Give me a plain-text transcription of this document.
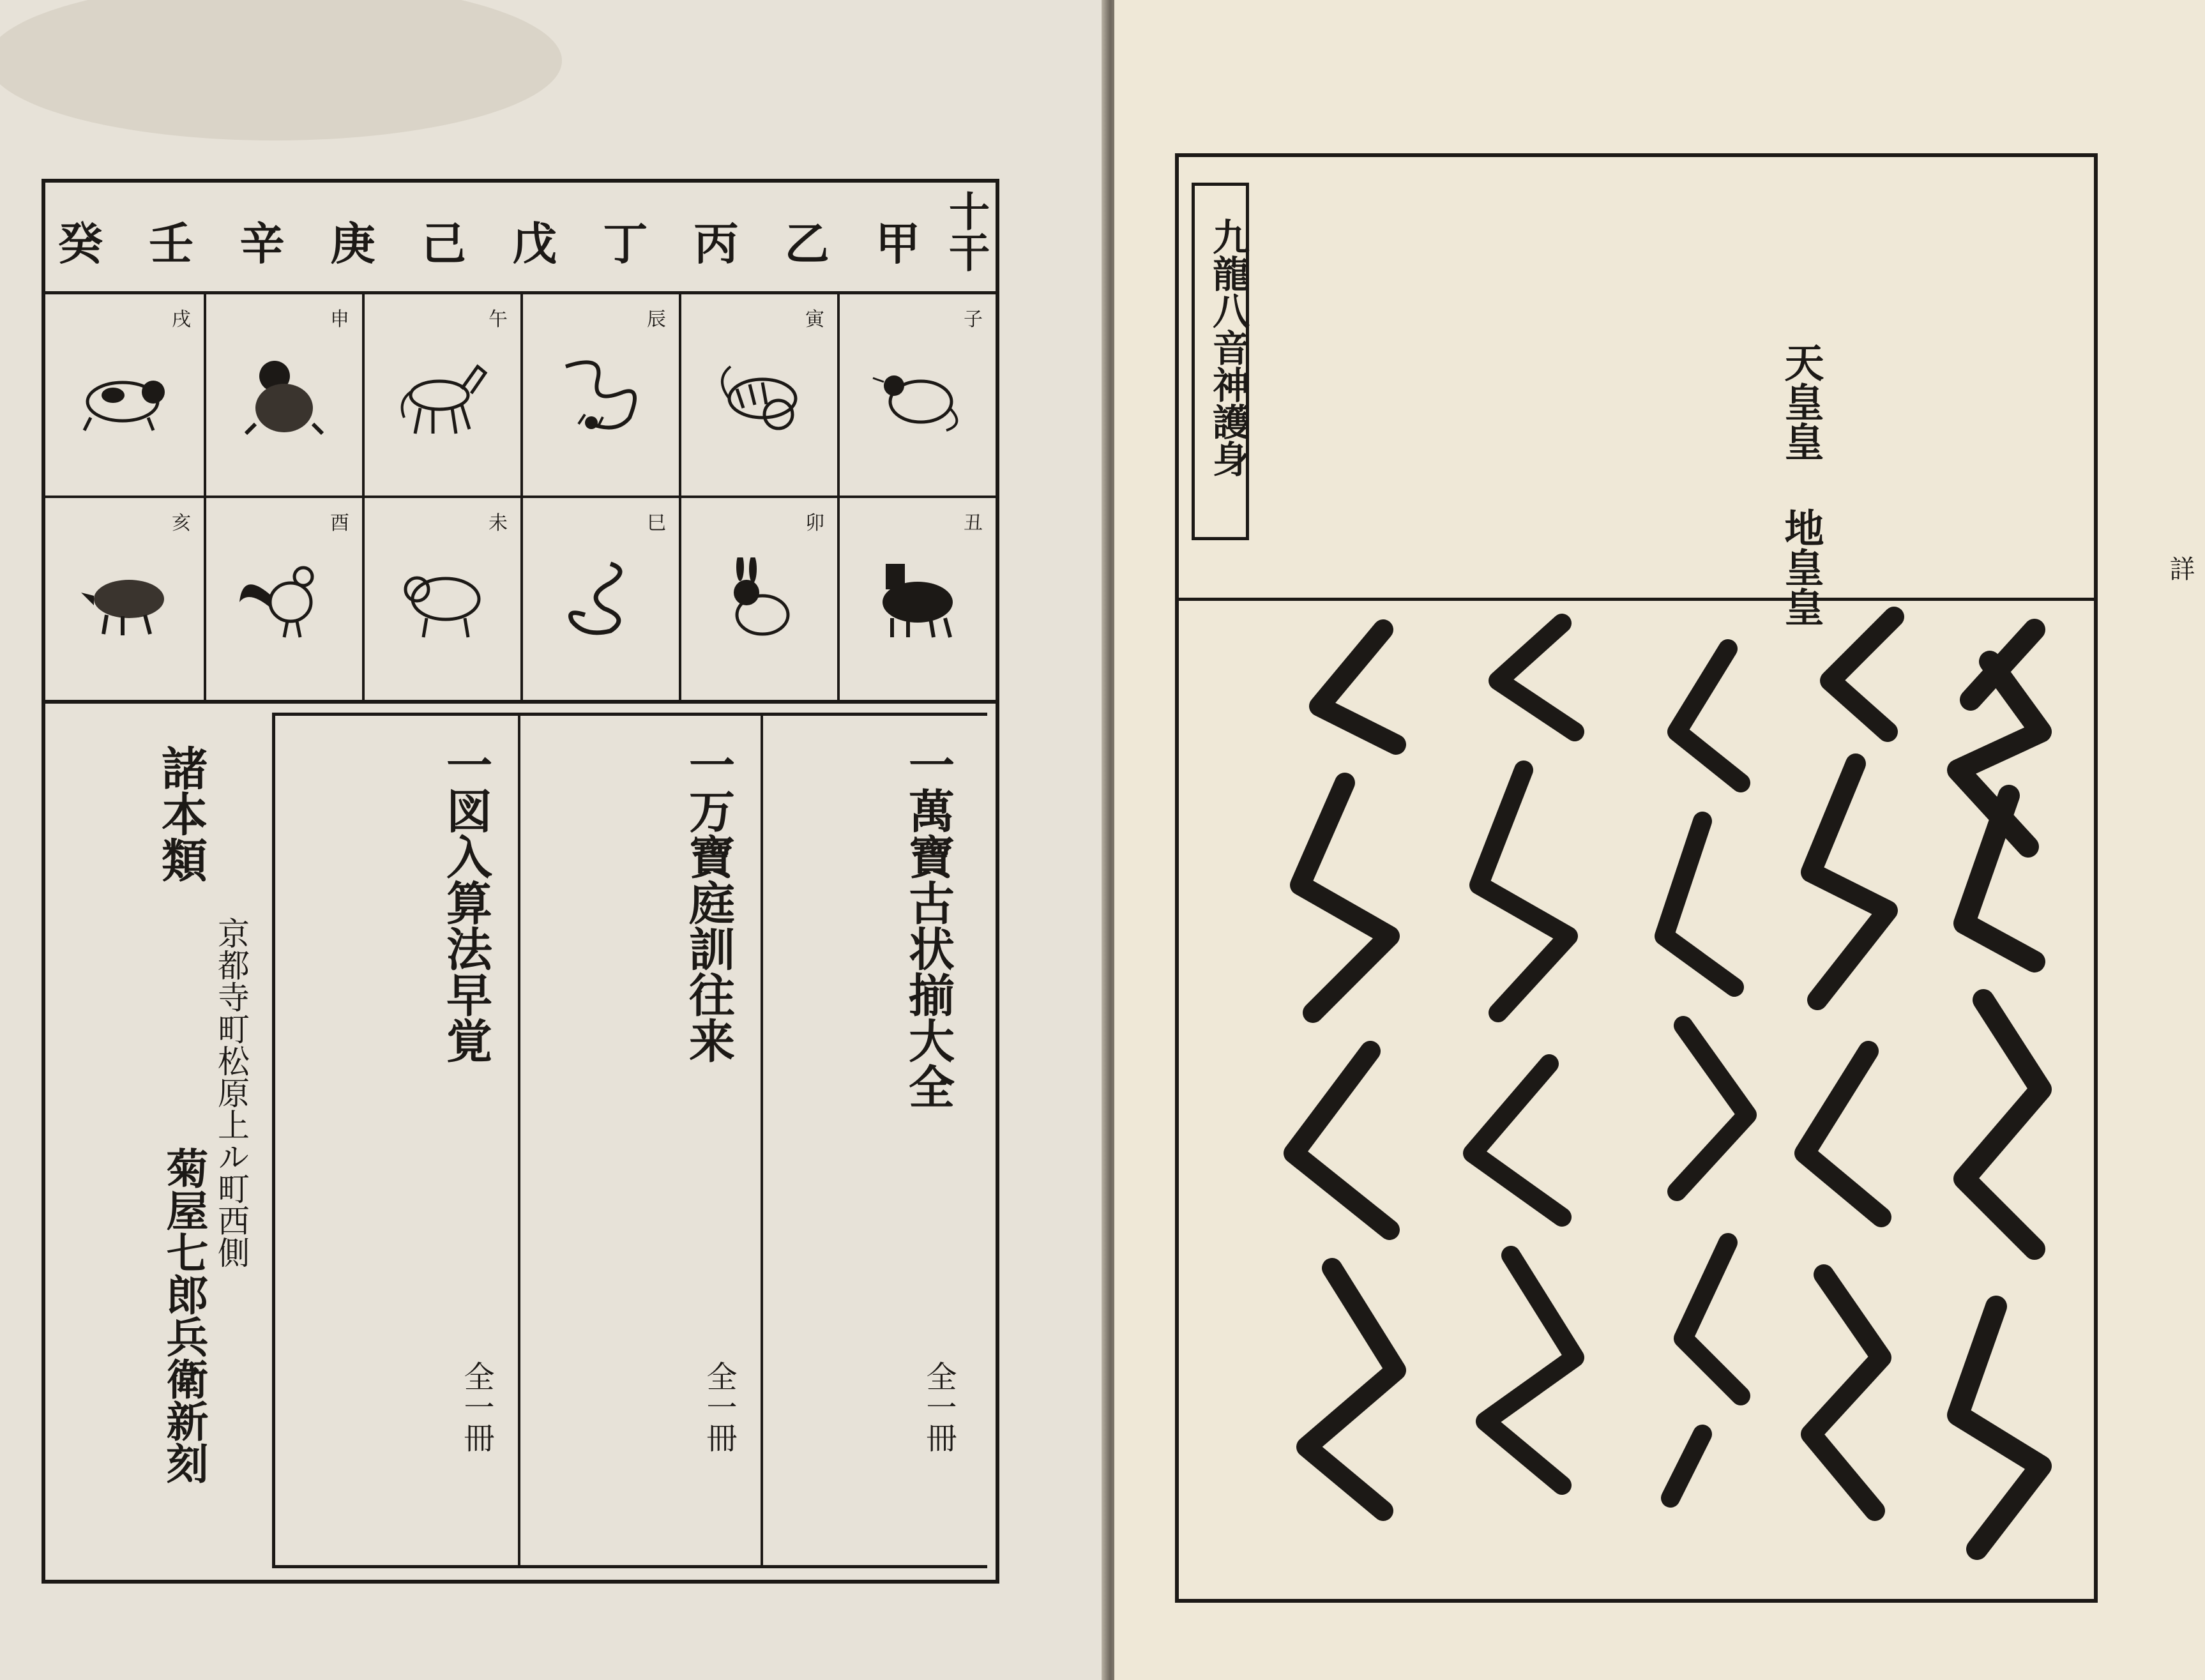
十干
甲
乙
丙
丁
戊
己
庚
辛
壬
癸
子
寅
辰
午
申
戌
丑
卯
巳
未
酉
亥
一萬寶古状揃大全
全一冊
一万寶庭訓往来
全一冊
一図入算法早覚
全一冊
諸本類
京都寺町松原上ル町西側
菊屋七郎兵衛新刻
九龍八音神護身	天皇皇 地皇皇	詳
